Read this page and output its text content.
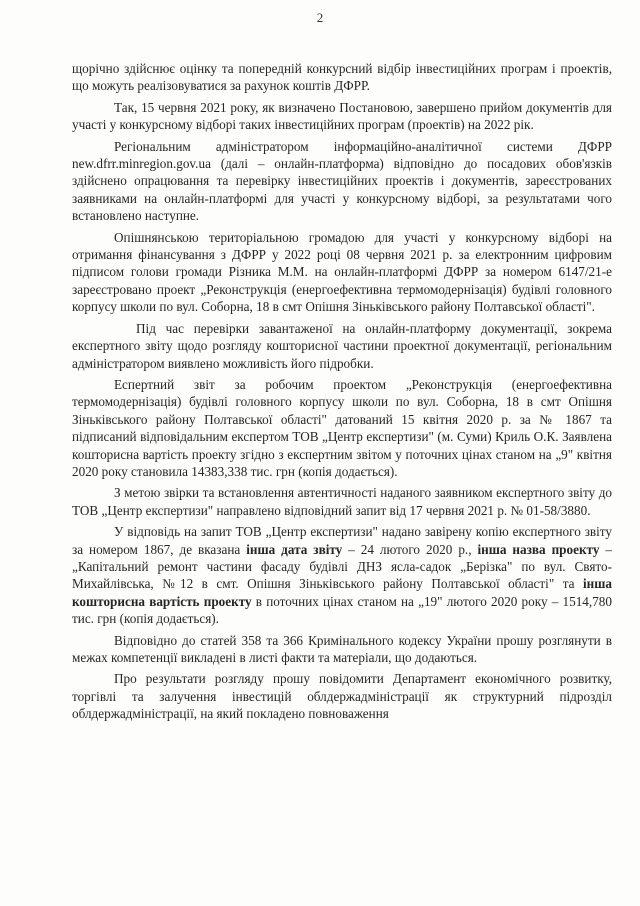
2

щорічно здійснює оцінку та попередній конкурсний відбір інвестиційних програм і проектів, що можуть реалізовуватися за рахунок коштів ДФРР.

Так, 15 червня 2021 року, як визначено Постановою, завершено прийом документів для участі у конкурсному відборі таких інвестиційних програм (проектів) на 2022 рік.

Регіональним адміністратором інформаційно-аналітичної системи ДФРР new.dfrr.minregion.gov.ua (далі – онлайн-платформа) відповідно до посадових обов'язків здійснено опрацювання та перевірку інвестиційних проектів і документів, зареєстрованих заявниками на онлайн-платформі для участі у конкурсному відборі, за результатами чого встановлено наступне.

Опішнянською територіальною громадою для участі у конкурсному відборі на отримання фінансування з ДФРР у 2022 році 08 червня 2021 р. за електронним цифровим підписом голови громади Різника М.М. на онлайн-платформі ДФРР за номером 6147/21-е зареєстровано проект „Реконструкція (енергоефективна термомодернізація) будівлі головного корпусу школи по вул. Соборна, 18 в смт Опішня Зіньківського району Полтавської області".

Під час перевірки завантаженої на онлайн-платформу документації, зокрема експертного звіту щодо розгляду кошторисної частини проектної документації, регіональним адміністратором виявлено можливість його підробки.

Еспертний звіт за робочим проектом „Реконструкція (енергоефективна термомодернізація) будівлі головного корпусу школи по вул. Соборна, 18 в смт Опішня Зіньківського району Полтавської області" датований 15 квітня 2020 р. за № 1867 та підписаний відповідальним експертом ТОВ „Центр експертизи" (м. Суми) Криль О.К. Заявлена кошторисна вартість проекту згідно з експертним звітом у поточних цінах станом на „9" квітня 2020 року становила 14383,338 тис. грн (копія додається).

З метою звірки та встановлення автентичності наданого заявником експертного звіту до ТОВ „Центр експертизи" направлено відповідний запит від 17 червня 2021 р. № 01-58/3880.

У відповідь на запит ТОВ „Центр експертизи" надано завірену копію експертного звіту за номером 1867, де вказана інша дата звіту – 24 лютого 2020 р., інша назва проекту – „Капітальний ремонт частини фасаду будівлі ДНЗ ясла-садок „Берізка" по вул. Свято-Михайлівська, №12 в смт. Опішня Зіньківського району Полтавської області" та інша кошторисна вартість проекту в поточних цінах станом на „19" лютого 2020 року – 1514,780 тис. грн (копія додається).

Відповідно до статей 358 та 366 Кримінального кодексу України прошу розглянути в межах компетенції викладені в листі факти та матеріали, що додаються.

Про результати розгляду прошу повідомити Департамент економічного розвитку, торгівлі та залучення інвестицій облдержадміністрації як структурний підрозділ облдержадміністрації, на який покладено повноваження
